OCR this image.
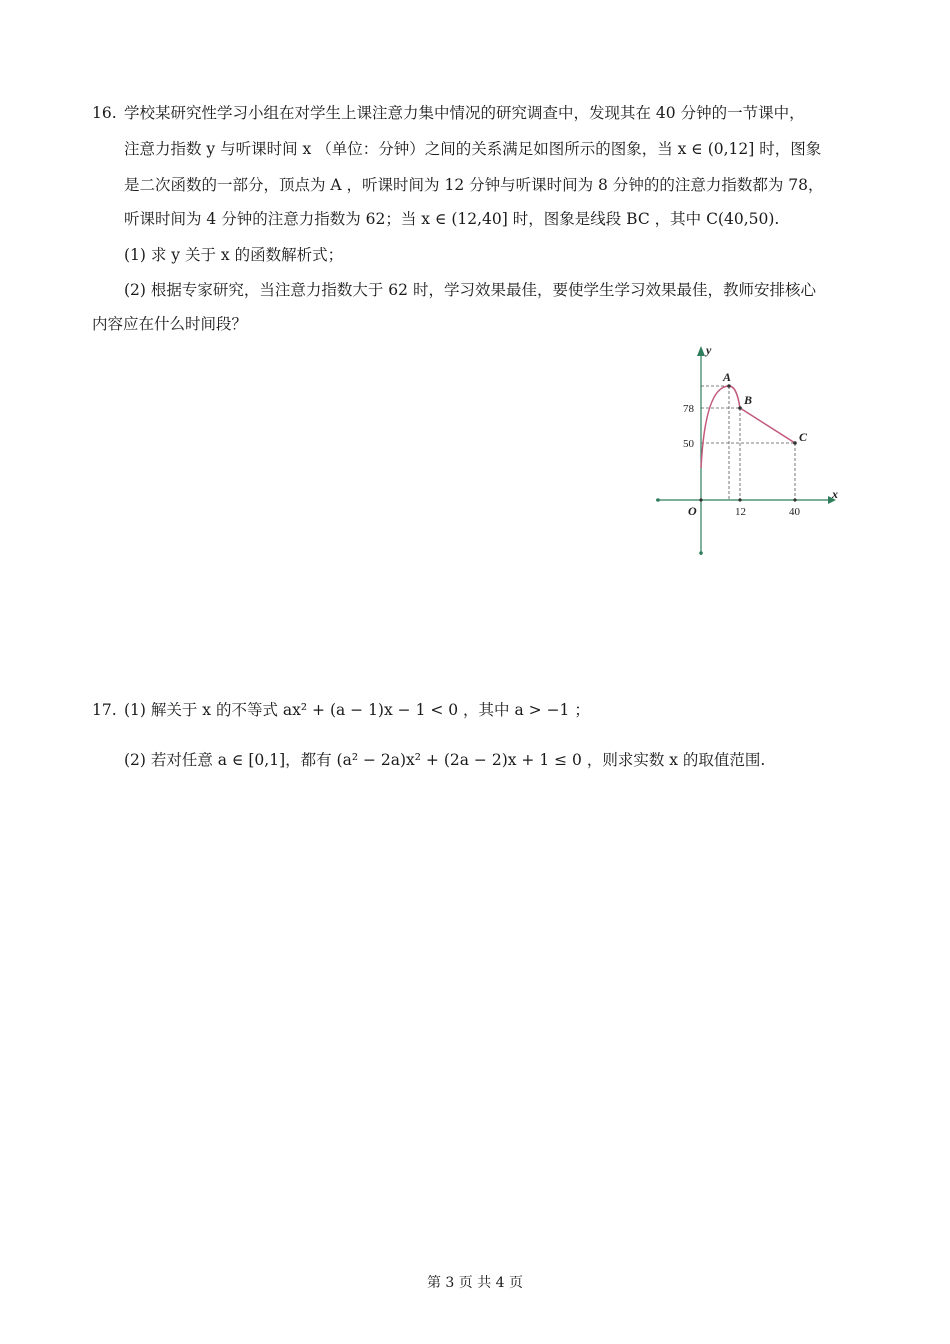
16. 学校某研究性学习小组在对学生上课注意力集中情况的研究调查中，发现其在 40 分钟的一节课中，
注意力指数 y 与听课时间 x （单位：分钟）之间的关系满足如图所示的图象，当 x ∈ (0,12] 时，图象
是二次函数的一部分，顶点为 A ，听课时间为 12 分钟与听课时间为 8 分钟的的注意力指数都为 78，
听课时间为 4 分钟的注意力指数为 62；当 x ∈ (12,40] 时，图象是线段 BC ，其中 C(40,50).
(1) 求 y 关于 x 的函数解析式；
(2) 根据专家研究，当注意力指数大于 62 时，学习效果最佳，要使学生学习效果最佳，教师安排核心
内容应在什么时间段？
y
x
O
A
B
C
78
50
12	40
17. (1) 解关于 x 的不等式 ax² + (a − 1)x − 1 < 0 ，其中 a > −1 ；
(2) 若对任意 a ∈ [0,1]，都有 (a² − 2a)x² + (2a − 2)x + 1 ≤ 0 ，则求实数 x 的取值范围.
第 3 页 共 4 页
